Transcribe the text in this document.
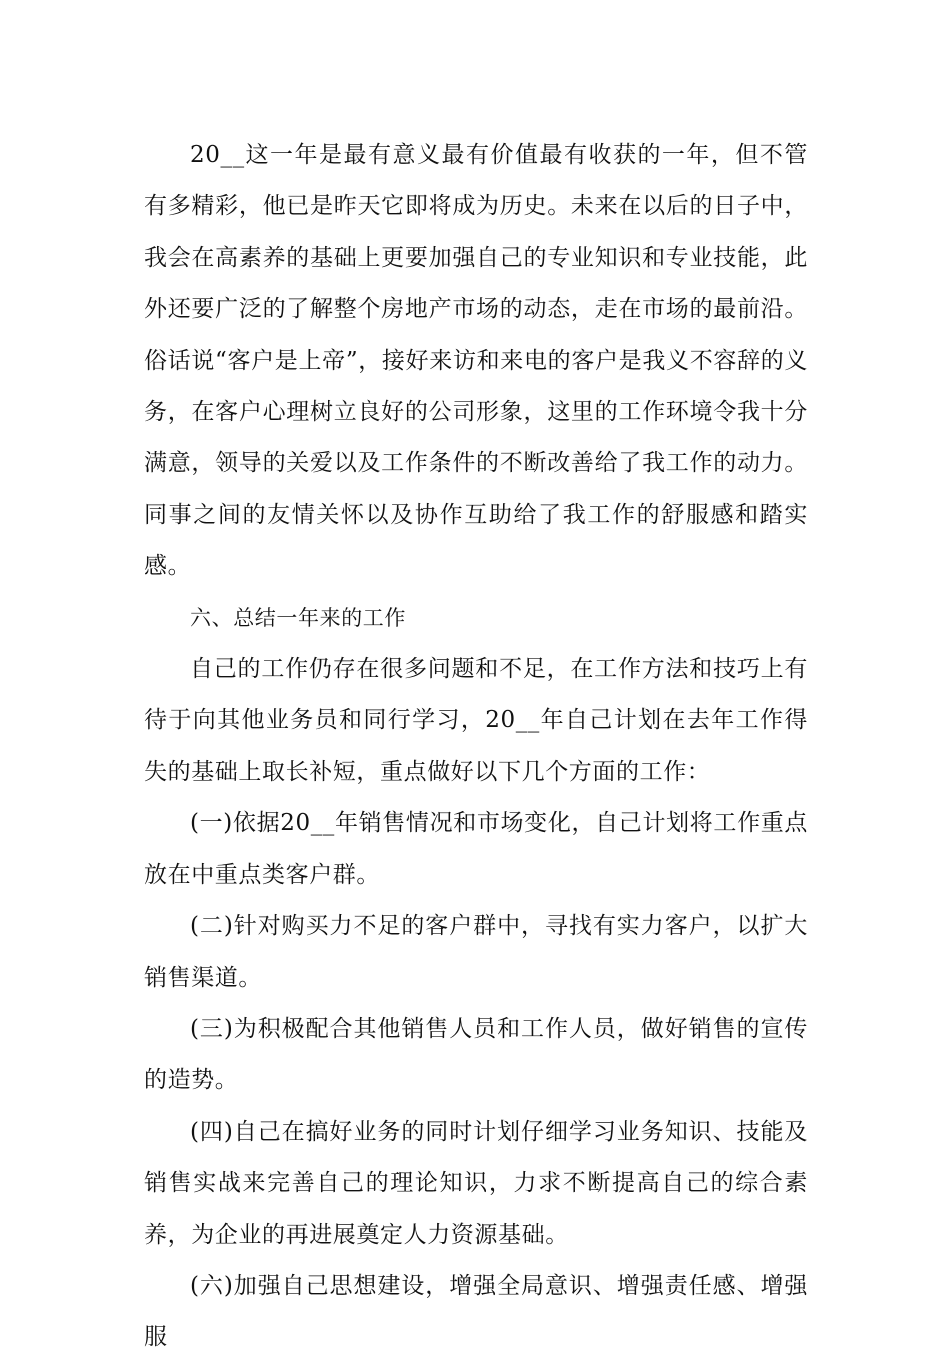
20__这一年是最有意义最有价值最有收获的一年，但不管有多精彩，他已是昨天它即将成为历史。未来在以后的日子中，我会在高素养的基础上更要加强自己的专业知识和专业技能，此外还要广泛的了解整个房地产市场的动态，走在市场的最前沿。俗话说“客户是上帝”，接好来访和来电的客户是我义不容辞的义务，在客户心理树立良好的公司形象，这里的工作环境令我十分满意，领导的关爱以及工作条件的不断改善给了我工作的动力。同事之间的友情关怀以及协作互助给了我工作的舒服感和踏实感。

六、总结一年来的工作

自己的工作仍存在很多问题和不足，在工作方法和技巧上有待于向其他业务员和同行学习，20__年自己计划在去年工作得失的基础上取长补短，重点做好以下几个方面的工作：

(一)依据20__年销售情况和市场变化，自己计划将工作重点放在中重点类客户群。

(二)针对购买力不足的客户群中，寻找有实力客户，以扩大销售渠道。

(三)为积极配合其他销售人员和工作人员，做好销售的宣传的造势。

(四)自己在搞好业务的同时计划仔细学习业务知识、技能及销售实战来完善自己的理论知识，力求不断提高自己的综合素养，为企业的再进展奠定人力资源基础。

(六)加强自己思想建设，增强全局意识、增强责任感、增强服
